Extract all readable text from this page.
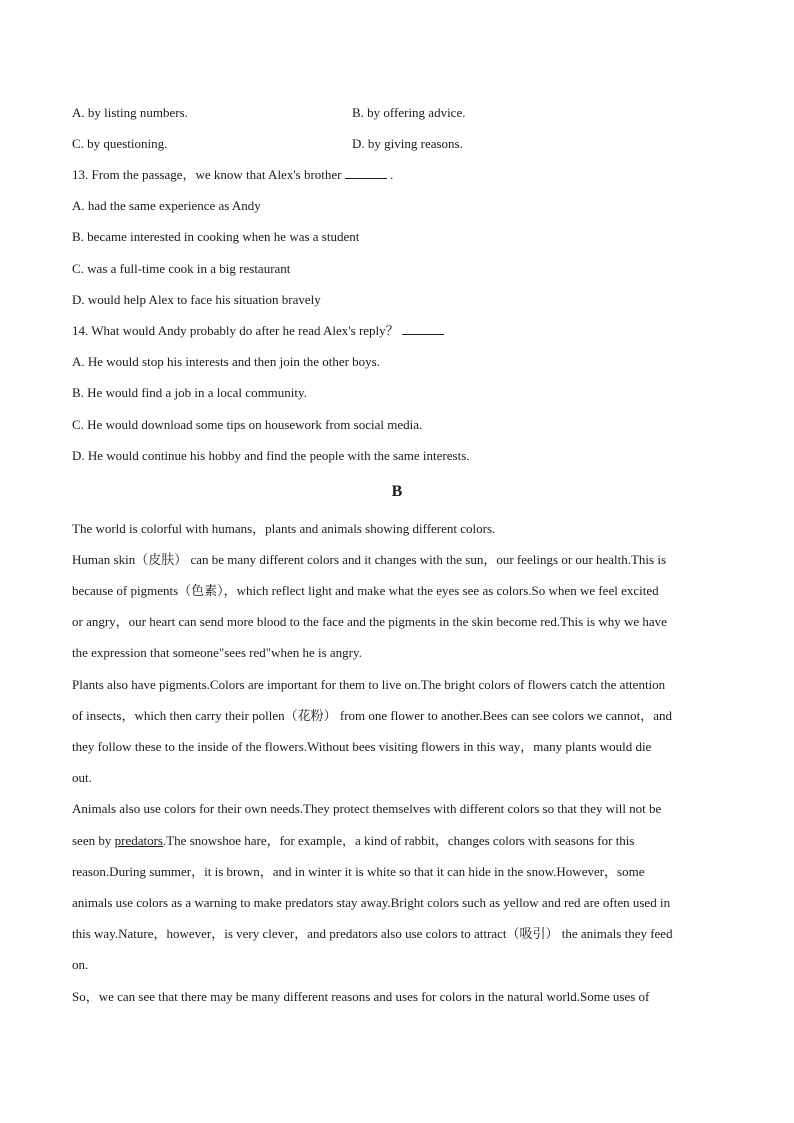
A. by listing numbers.	B. by offering advice.
C. by questioning.	D. by giving reasons.
13. From the passage，we know that Alex's brother	.
A. had the same experience as Andy
B. became interested in cooking when he was a student
C. was a full-time cook in a big restaurant
D. would help Alex to face his situation bravely
14. What would Andy probably do after he read Alex's reply？
A. He would stop his interests and then join the other boys.
B. He would find a job in a local community.
C. He would download some tips on housework from social media.
D. He would continue his hobby and find the people with the same interests.
B
The world is colorful with humans，plants and animals showing different colors.
Human skin（皮肤） can be many different colors and it changes with the sun，our feelings or our health.This is
because of pigments（色素），which reflect light and make what the eyes see as colors.So when we feel excited
or angry，our heart can send more blood to the face and the pigments in the skin become red.This is why we have
the expression that someone"sees red"when he is angry.
Plants also have pigments.Colors are important for them to live on.The bright colors of flowers catch the attention
of insects，which then carry their pollen（花粉） from one flower to another.Bees can see colors we cannot，and
they follow these to the inside of the flowers.Without bees visiting flowers in this way，many plants would die
out.
Animals also use colors for their own needs.They protect themselves with different colors so that they will not be
seen by predators.The snowshoe hare，for example，a kind of rabbit，changes colors with seasons for this
reason.During summer，it is brown，and in winter it is white so that it can hide in the snow.However，some
animals use colors as a warning to make predators stay away.Bright colors such as yellow and red are often used in
this way.Nature，however，is very clever，and predators also use colors to attract（吸引） the animals they feed
on.
So，we can see that there may be many different reasons and uses for colors in the natural world.Some uses of
